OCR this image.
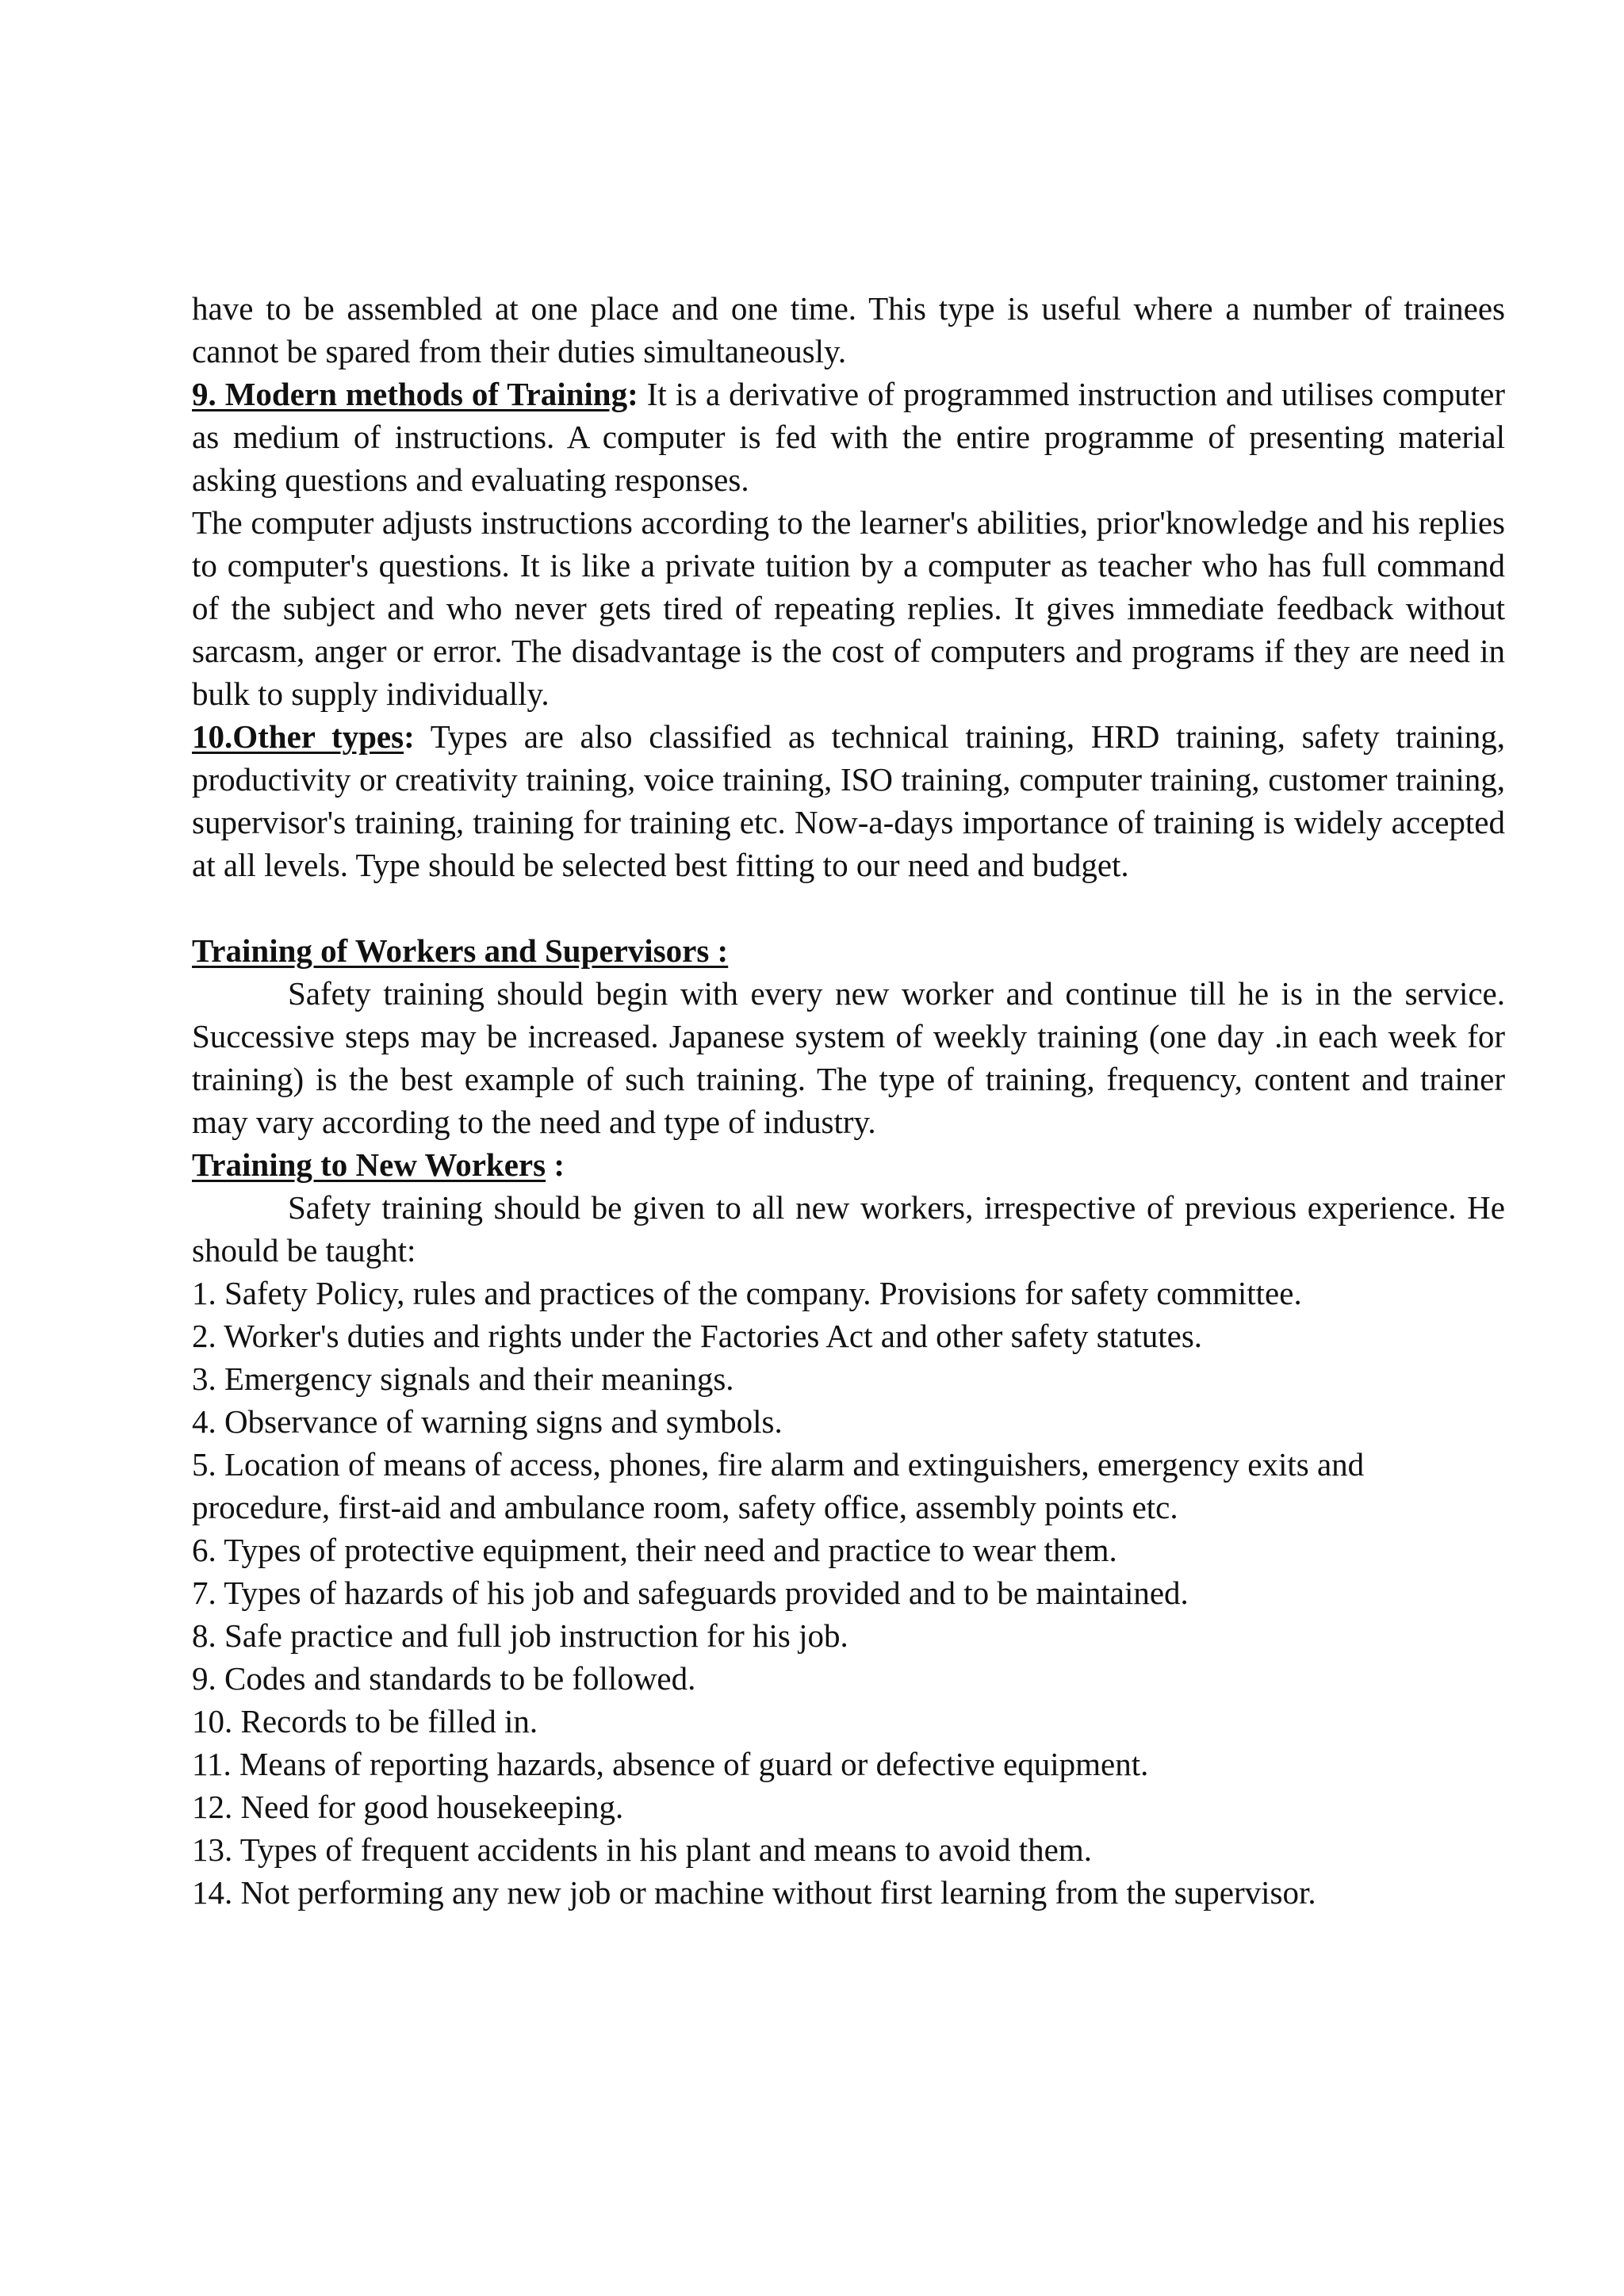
have to be assembled at one place and one time. This type is useful where a number of trainees cannot be spared from their duties simultaneously.

9. Modern methods of Training: It is a derivative of programmed instruction and utilises computer as medium of instructions. A computer is fed with the entire programme of presenting material asking questions and evaluating responses.

The computer adjusts instructions according to the learner's abilities, prior'knowledge and his replies to computer's questions. It is like a private tuition by a computer as teacher who has full command of the subject and who never gets tired of repeating replies. It gives immediate feedback without sarcasm, anger or error. The disadvantage is the cost of computers and programs if they are need in bulk to supply individually.

10.Other types: Types are also classified as technical training, HRD training, safety training, productivity or creativity training, voice training, ISO training, computer training, customer training, supervisor's training, training for training etc. Now-a-days importance of training is widely accepted at all levels. Type should be selected best fitting to our need and budget.

Training of Workers and Supervisors :

Safety training should begin with every new worker and continue till he is in the service. Successive steps may be increased. Japanese system of weekly training (one day .in each week for training) is the best example of such training. The type of training, frequency, content and trainer may vary according to the need and type of industry.

Training to New Workers :

Safety training should be given to all new workers, irrespective of previous experience. He should be taught:

1. Safety Policy, rules and practices of the company. Provisions for safety committee.

2. Worker's duties and rights under the Factories Act and other safety statutes.

3. Emergency signals and their meanings.

4. Observance of warning signs and symbols.

5. Location of means of access, phones, fire alarm and extinguishers, emergency exits and procedure, first-aid and ambulance room, safety office, assembly points etc.

6. Types of protective equipment, their need and practice to wear them.

7. Types of hazards of his job and safeguards provided and to be maintained.

8. Safe practice and full job instruction for his job.

9. Codes and standards to be followed.

10. Records to be filled in.

11. Means of reporting hazards, absence of guard or defective equipment.

12. Need for good housekeeping.

13. Types of frequent accidents in his plant and means to avoid them.

14. Not performing any new job or machine without first learning from the supervisor.
